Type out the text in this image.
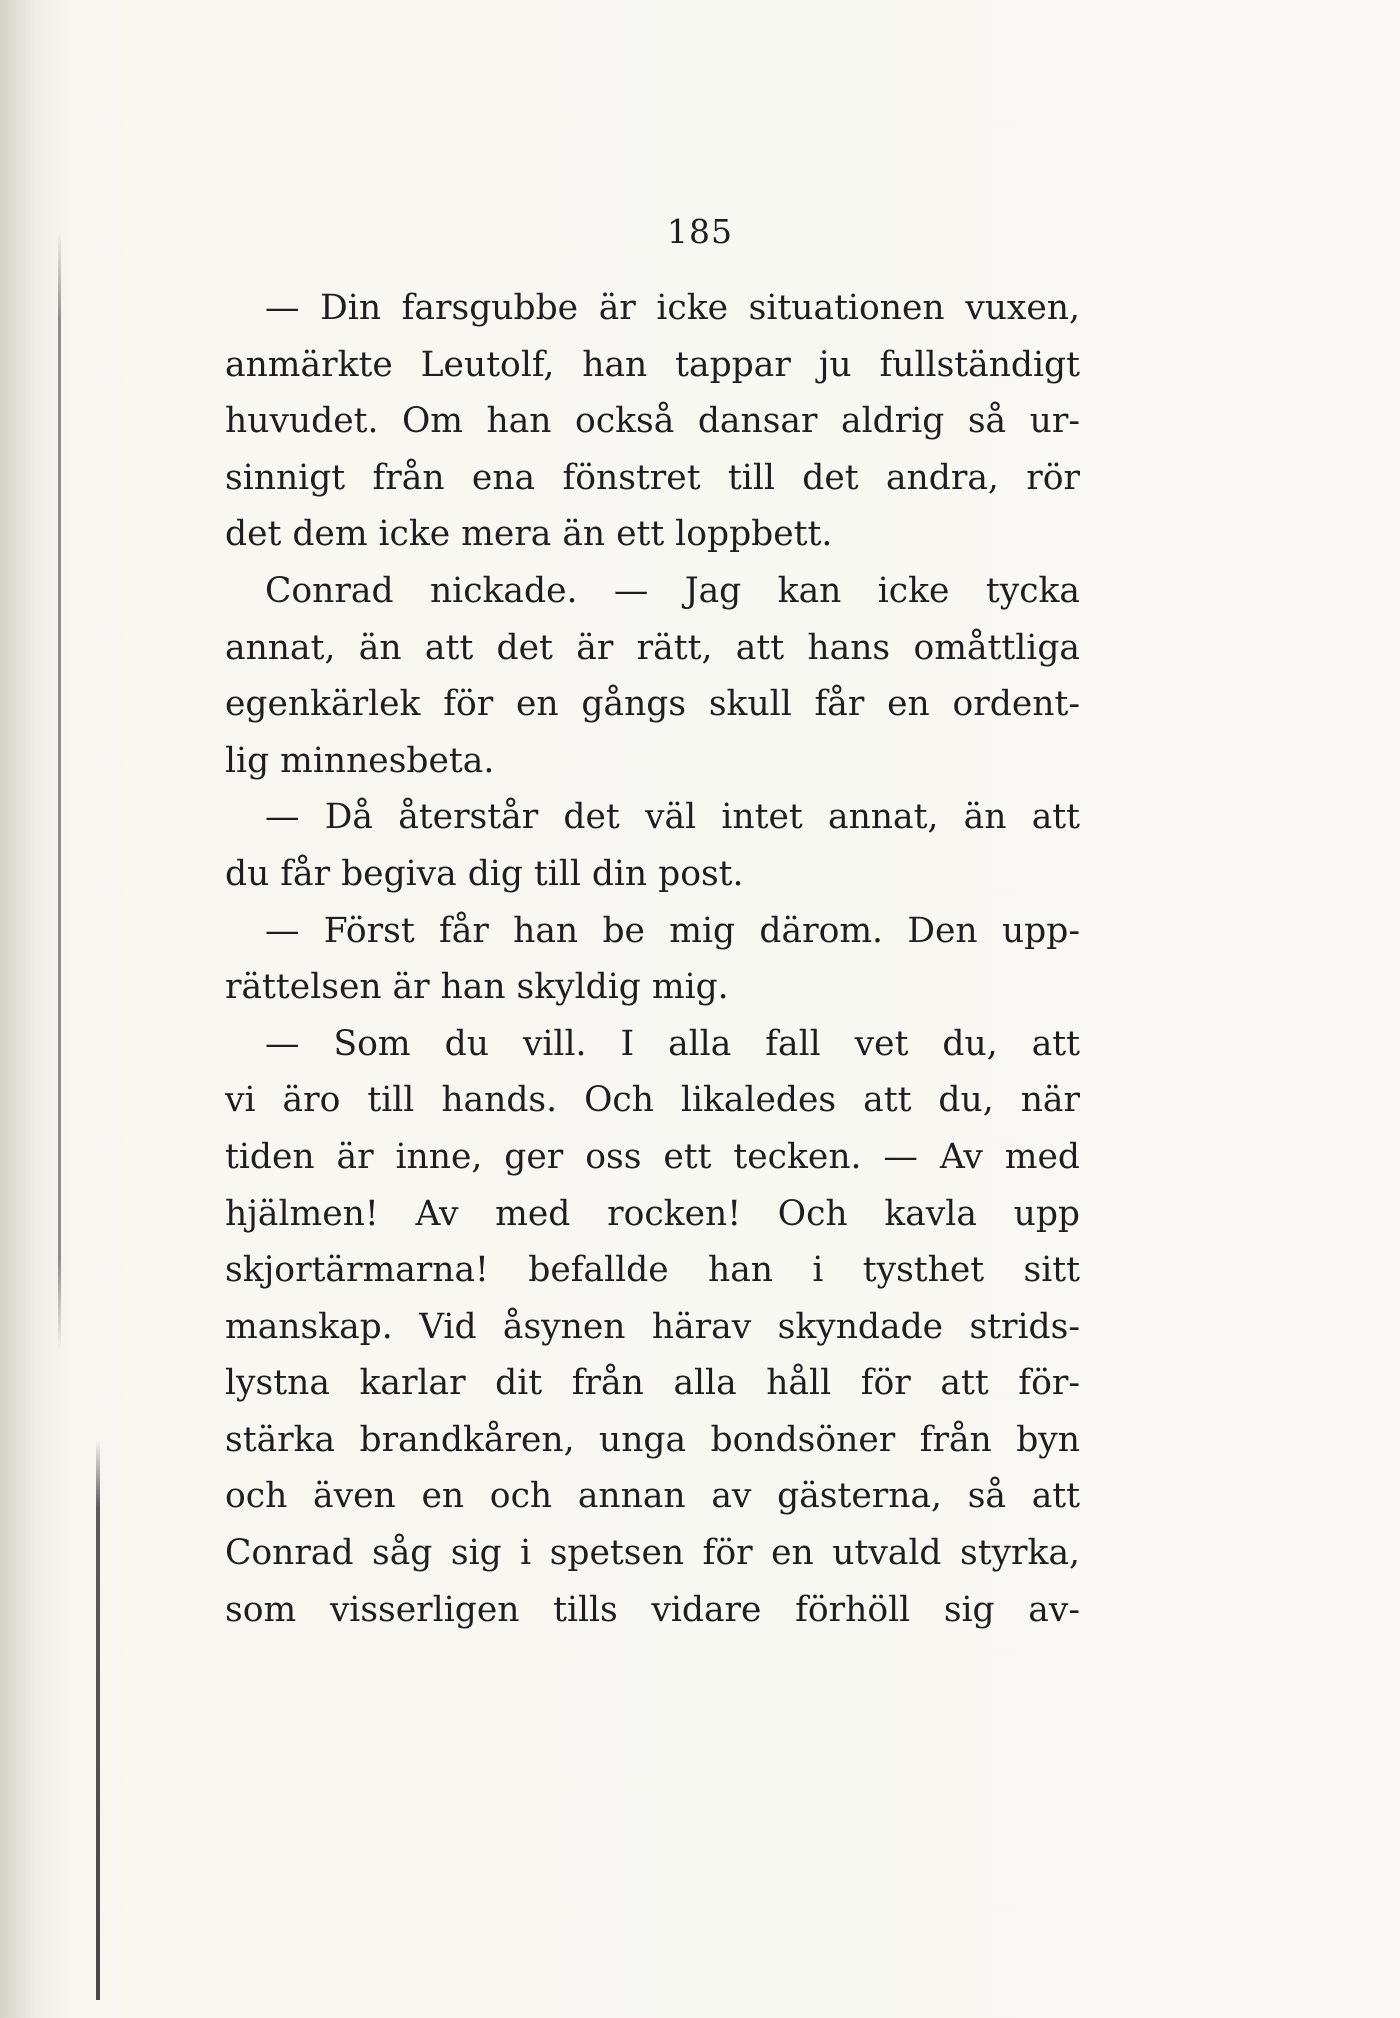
185
— Din farsgubbe är icke situationen vuxen,
anmärkte Leutolf, han tappar ju fullständigt
huvudet. Om han också dansar aldrig så ur-
sinnigt från ena fönstret till det andra, rör
det dem icke mera än ett loppbett.
Conrad nickade. — Jag kan icke tycka
annat, än att det är rätt, att hans omåttliga
egenkärlek för en gångs skull får en ordent-
lig minnesbeta.
— Då återstår det väl intet annat, än att
du får begiva dig till din post.
— Först får han be mig därom. Den upp-
rättelsen är han skyldig mig.
— Som du vill. I alla fall vet du, att
vi äro till hands. Och likaledes att du, när
tiden är inne, ger oss ett tecken. — Av med
hjälmen! Av med rocken! Och kavla upp
skjortärmarna! befallde han i tysthet sitt
manskap. Vid åsynen härav skyndade strids-
lystna karlar dit från alla håll för att för-
stärka brandkåren, unga bondsöner från byn
och även en och annan av gästerna, så att
Conrad såg sig i spetsen för en utvald styrka,
som visserligen tills vidare förhöll sig av-
